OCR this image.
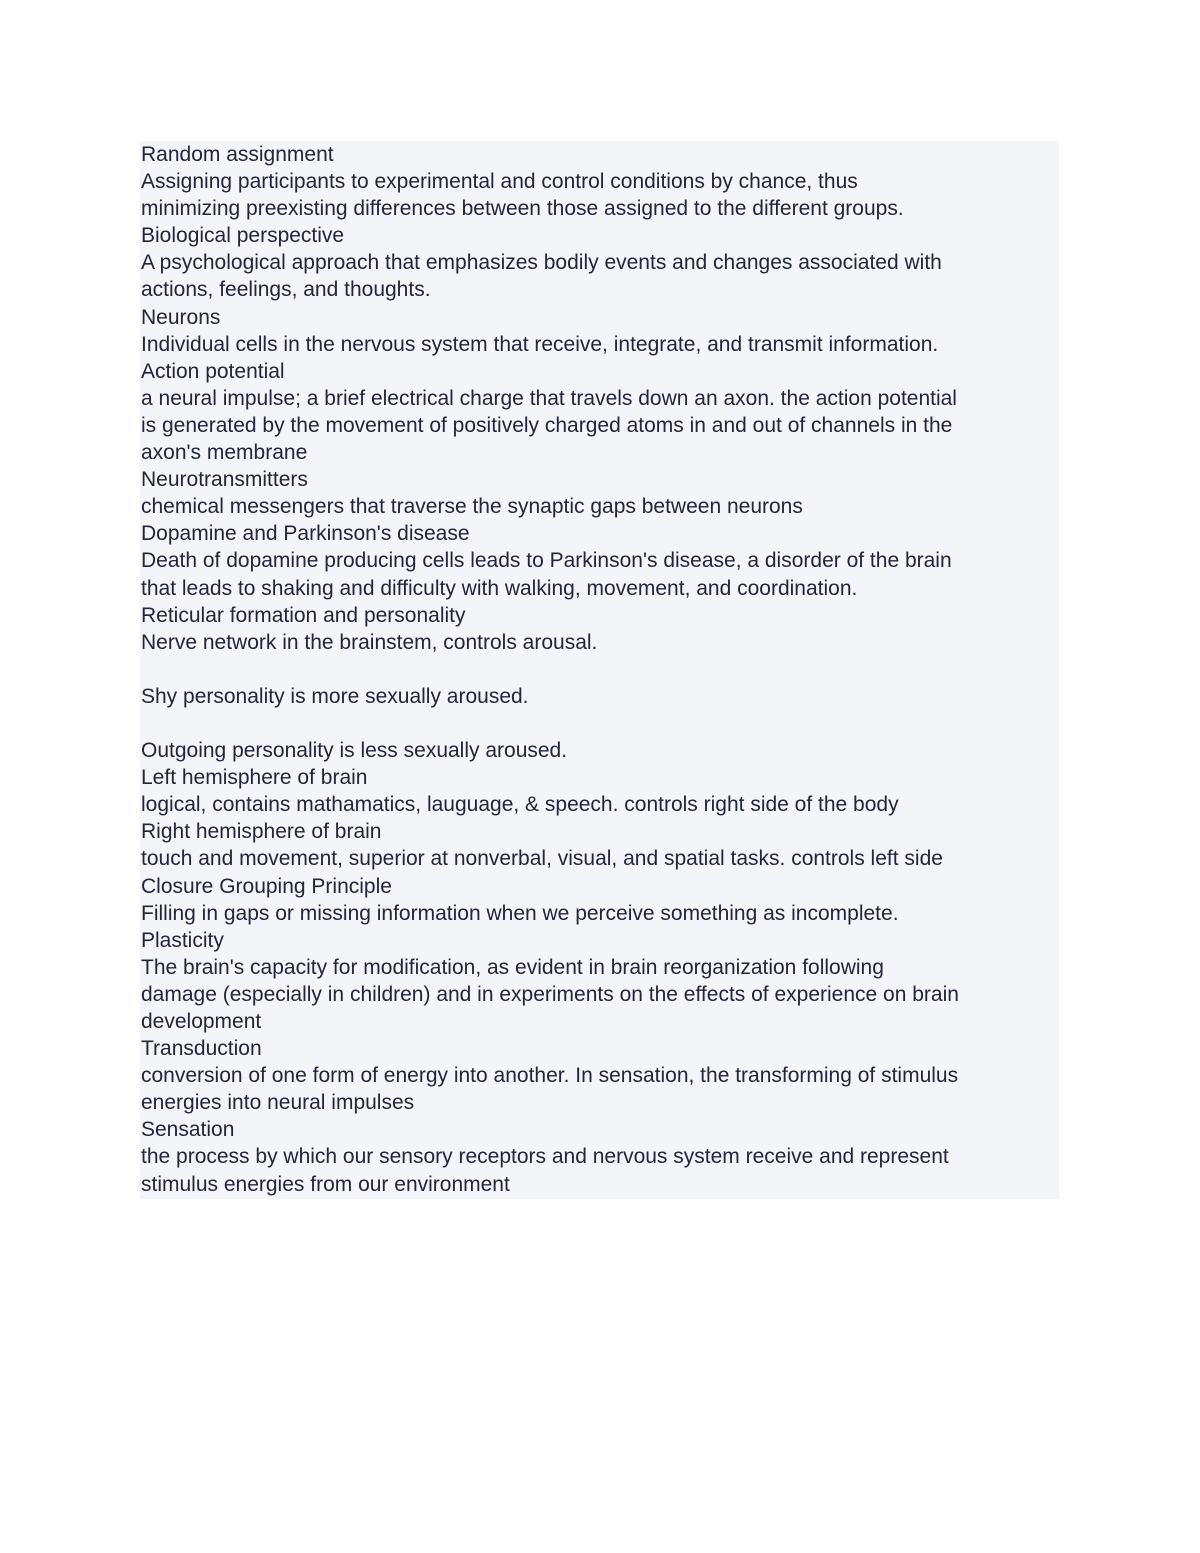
Random assignment
Assigning participants to experimental and control conditions by chance, thus
minimizing preexisting differences between those assigned to the different groups.
Biological perspective
A psychological approach that emphasizes bodily events and changes associated with
actions, feelings, and thoughts.
Neurons
Individual cells in the nervous system that receive, integrate, and transmit information.
Action potential
a neural impulse; a brief electrical charge that travels down an axon. the action potential
is generated by the movement of positively charged atoms in and out of channels in the
axon's membrane
Neurotransmitters
chemical messengers that traverse the synaptic gaps between neurons
Dopamine and Parkinson's disease
Death of dopamine producing cells leads to Parkinson's disease, a disorder of the brain
that leads to shaking and difficulty with walking, movement, and coordination.
Reticular formation and personality
Nerve network in the brainstem, controls arousal.
Shy personality is more sexually aroused.
Outgoing personality is less sexually aroused.
Left hemisphere of brain
logical, contains mathamatics, lauguage, & speech. controls right side of the body
Right hemisphere of brain
touch and movement, superior at nonverbal, visual, and spatial tasks. controls left side
Closure Grouping Principle
Filling in gaps or missing information when we perceive something as incomplete.
Plasticity
The brain's capacity for modification, as evident in brain reorganization following
damage (especially in children) and in experiments on the effects of experience on brain
development
Transduction
conversion of one form of energy into another. In sensation, the transforming of stimulus
energies into neural impulses
Sensation
the process by which our sensory receptors and nervous system receive and represent
stimulus energies from our environment
